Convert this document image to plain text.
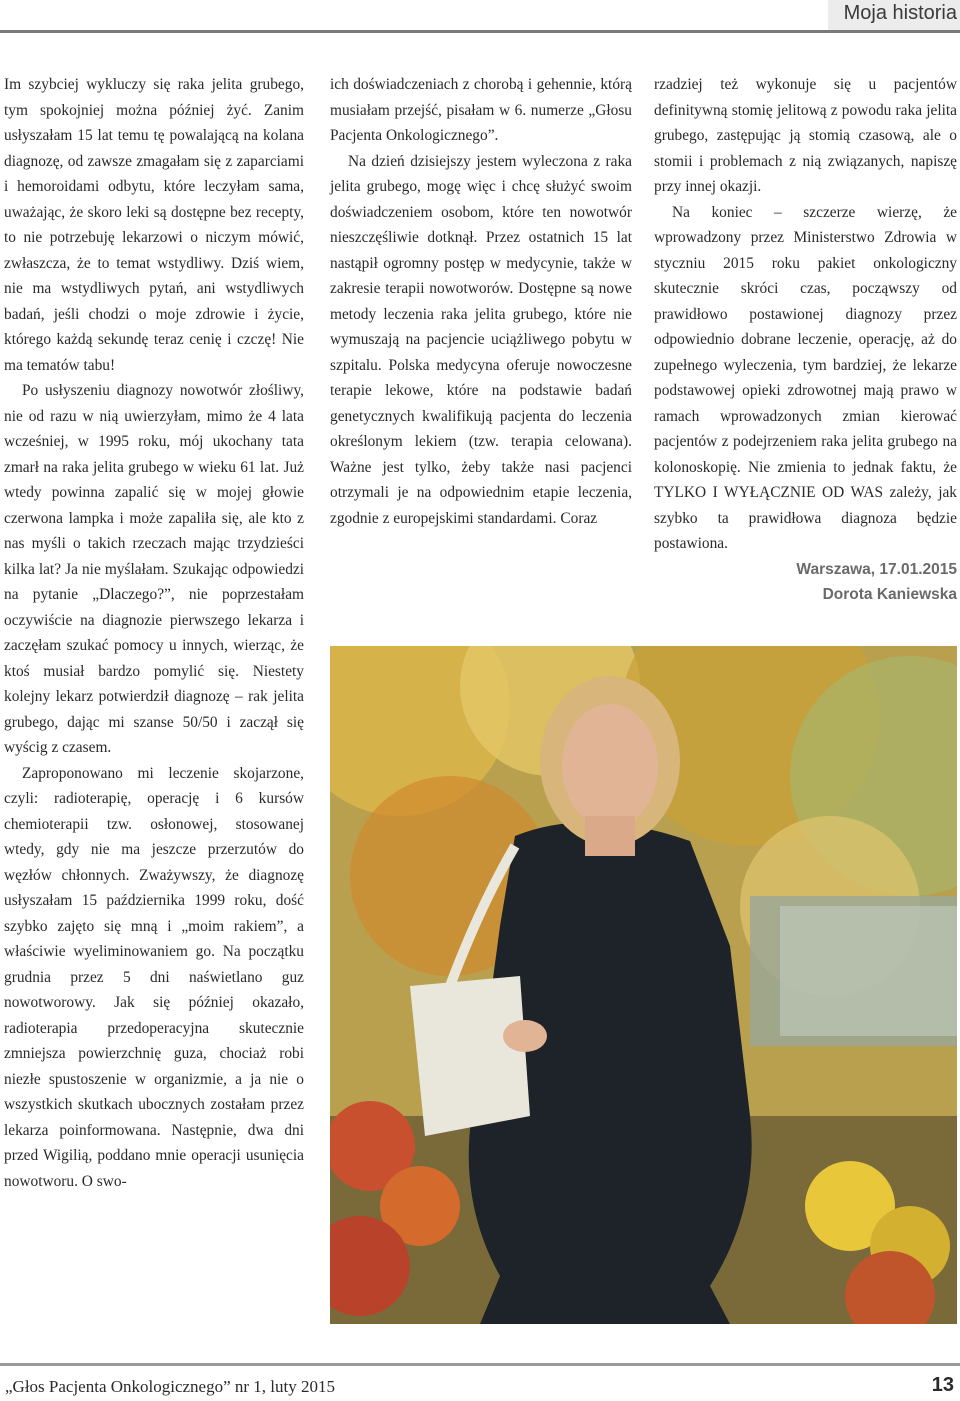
Moja historia

Im szybciej wykluczy się raka jelita grubego, tym spokojniej można później żyć. Zanim usłyszałam 15 lat temu tę powalającą na kolana diagnozę, od zawsze zmagałam się z zaparciami i hemoroidami odbytu, które leczyłam sama, uważając, że skoro leki są dostępne bez recepty, to nie potrzebuję lekarzowi o niczym mówić, zwłaszcza, że to temat wstydliwy. Dziś wiem, nie ma wstydliwych pytań, ani wstydliwych badań, jeśli chodzi o moje zdrowie i życie, którego każdą sekundę teraz cenię i czczę! Nie ma tematów tabu!

Po usłyszeniu diagnozy nowotwór złośliwy, nie od razu w nią uwierzyłam, mimo że 4 lata wcześniej, w 1995 roku, mój ukochany tata zmarł na raka jelita grubego w wieku 61 lat. Już wtedy powinna zapalić się w mojej głowie czerwona lampka i może zapaliła się, ale kto z nas myśli o takich rzeczach mając trzydzieści kilka lat? Ja nie myślałam. Szukając odpowiedzi na pytanie „Dlaczego?”, nie poprzestałam oczywiście na diagnozie pierwszego lekarza i zaczęłam szukać pomocy u innych, wierząc, że ktoś musiał bardzo pomylić się. Niestety kolejny lekarz potwierdził diagnozę – rak jelita grubego, dając mi szanse 50/50 i zaczął się wyścig z czasem.

Zaproponowano mi leczenie skojarzone, czyli: radioterapię, operację i 6 kursów chemioterapii tzw. osłonowej, stosowanej wtedy, gdy nie ma jeszcze przerzutów do węzłów chłonnych. Zważywszy, że diagnozę usłyszałam 15 października 1999 roku, dość szybko zajęto się mną i „moim rakiem”, a właściwie wyeliminowaniem go. Na początku grudnia przez 5 dni naświetlano guz nowotworowy. Jak się później okazało, radioterapia przedoperacyjna skutecznie zmniejsza powierzchnię guza, chociaż robi niezłe spustoszenie w organizmie, a ja nie o wszystkich skutkach ubocznych zostałam przez lekarza poinformowana. Następnie, dwa dni przed Wigilią, poddano mnie operacji usunięcia nowotworu. O swo-

ich doświadczeniach z chorobą i gehennie, którą musiałam przejść, pisałam w 6. numerze „Głosu Pacjenta Onkologicznego”.

Na dzień dzisiejszy jestem wyleczona z raka jelita grubego, mogę więc i chcę służyć swoim doświadczeniem osobom, które ten nowotwór nieszczęśliwie dotknął. Przez ostatnich 15 lat nastąpił ogromny postęp w medycynie, także w zakresie terapii nowotworów. Dostępne są nowe metody leczenia raka jelita grubego, które nie wymuszają na pacjencie uciążliwego pobytu w szpitalu. Polska medycyna oferuje nowoczesne terapie lekowe, które na podstawie badań genetycznych kwalifikują pacjenta do leczenia określonym lekiem (tzw. terapia celowana). Ważne jest tylko, żeby także nasi pacjenci otrzymali je na odpowiednim etapie leczenia, zgodnie z europejskimi standardami. Coraz

rzadziej też wykonuje się u pacjentów definitywną stomię jelitową z powodu raka jelita grubego, zastępując ją stomią czasową, ale o stomii i problemach z nią związanych, napiszę przy innej okazji.

Na koniec – szczerze wierzę, że wprowadzony przez Ministerstwo Zdrowia w styczniu 2015 roku pakiet onkologiczny skutecznie skróci czas, począwszy od prawidłowo postawionej diagnozy przez odpowiednio dobrane leczenie, operację, aż do zupełnego wyleczenia, tym bardziej, że lekarze podstawowej opieki zdrowotnej mają prawo w ramach wprowadzonych zmian kierować pacjentów z podejrzeniem raka jelita grubego na kolonoskopię. Nie zmienia to jednak faktu, że TYLKO I WYŁĄCZNIE OD WAS zależy, jak szybko ta prawidłowa diagnoza będzie postawiona.

Warszawa, 17.01.2015
Dorota Kaniewska
„Głos Pacjenta Onkologicznego” nr 1, luty 2015	13
